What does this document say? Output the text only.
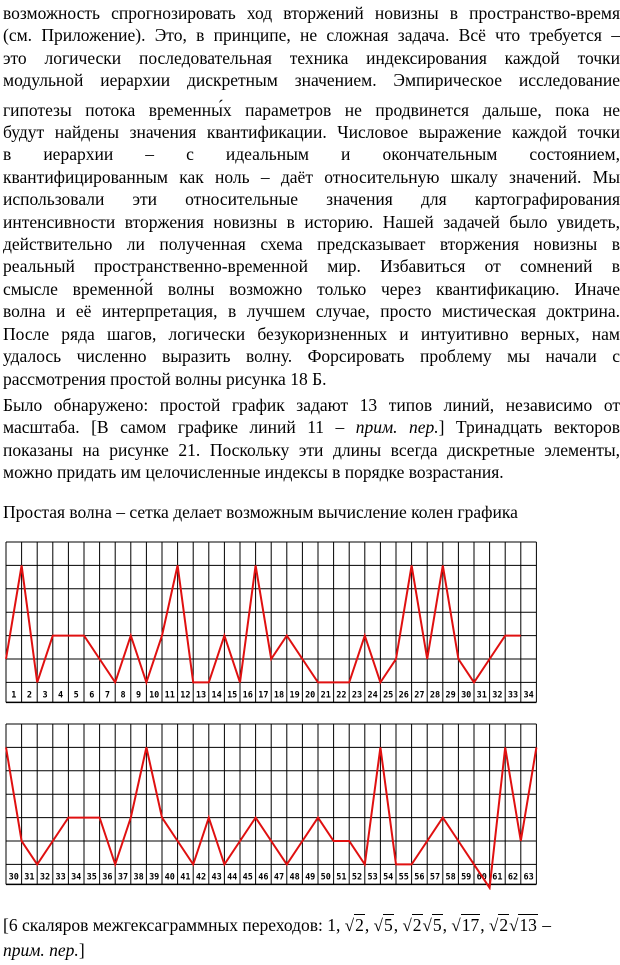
возможность спрогнозировать ход вторжений новизны в пространство-время
(см. Приложение). Это, в принципе, не сложная задача. Всё что требуется –
это логически последовательная техника индексирования каждой точки
модульной иерархии дискретным значением. Эмпирическое исследование
гипотезы потока временны́х параметров не продвинется дальше, пока не
будут найдены значения квантификации. Числовое выражение каждой точки
в иерархии – с идеальным и окончательным состоянием,
квантифицированным как ноль – даёт относительную шкалу значений. Мы
использовали эти относительные значения для картографирования
интенсивности вторжения новизны в историю. Нашей задачей было увидеть,
действительно ли полученная схема предсказывает вторжения новизны в
реальный пространственно-временной мир. Избавиться от сомнений в
смысле временно́й волны возможно только через квантификацию. Иначе
волна и её интерпретация, в лучшем случае, просто мистическая доктрина.
После ряда шагов, логически безукоризненных и интуитивно верных, нам
удалось численно выразить волну. Форсировать проблему мы начали с
рассмотрения простой волны рисунка 18 Б.
Было обнаружено: простой график задают 13 типов линий, независимо от
масштаба. [В самом графике линий 11 – прим. пер.] Тринадцать векторов
показаны на рисунке 21. Поскольку эти длины всегда дискретные элементы,
можно придать им целочисленные индексы в порядке возрастания.
Простая волна – сетка делает возможным вычисление колен графика
1 2 3 4 5 6 7 8 9 10 11 12 13 14 15 16 17 18 19 20 21 22 23 24 25 26 27 28 29 30 31 32 33 34
30 31 32 33 34 35 36 37 38 39 40 41 42 43 44 45 46 47 48 49 50 51 52 53 54 55 56 57 58 59 60 61 62 63
[6 скаляров межгексаграммных переходов: 1, √2, √5, √2√5, √17, √2√13 –
прим. пер.]
